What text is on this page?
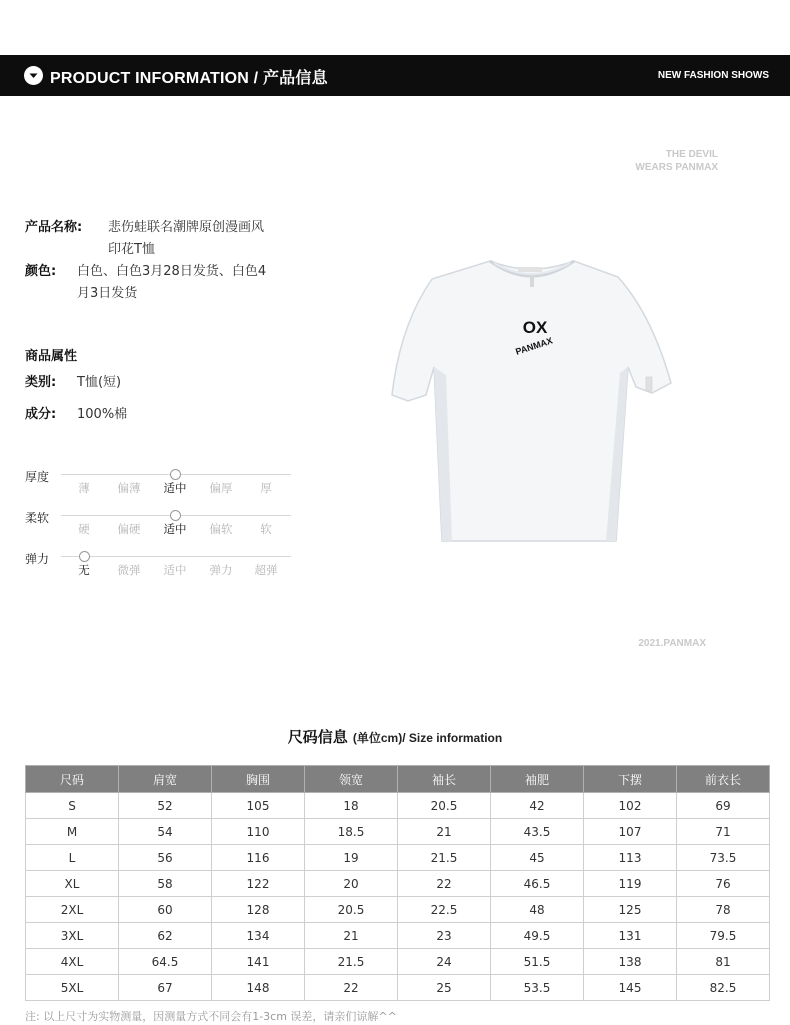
PRODUCT INFORMATION / 产品信息	NEW FASHION SHOWS
THE DEVIL
WEARS PANMAX
2021.PANMAX
产品名称: 悲伤蛙联名潮牌原创漫画风
印花T恤
颜色: 白色、白色3月28日发货、白色4
月3日发货
商品属性
类别: T恤(短)
成分: 100%棉
厚度
薄	偏薄	适中	偏厚	厚
柔软
硬	偏硬	适中	偏软	软
弹力
无	微弹	适中	弹力	超弹
OX
PANMAX
尺码信息 (单位cm)/ Size information
尺码	肩宽	胸围	领宽	袖长	袖肥	下摆	前衣长
S	52	105	18	20.5	42	102	69
M	54	110	18.5	21	43.5	107	71
L	56	116	19	21.5	45	113	73.5
XL	58	122	20	22	46.5	119	76
2XL	60	128	20.5	22.5	48	125	78
3XL	62	134	21	23	49.5	131	79.5
4XL	64.5	141	21.5	24	51.5	138	81
5XL	67	148	22	25	53.5	145	82.5
注: 以上尺寸为实物测量，因测量方式不同会有1-3cm 误差，请亲们谅解^^
